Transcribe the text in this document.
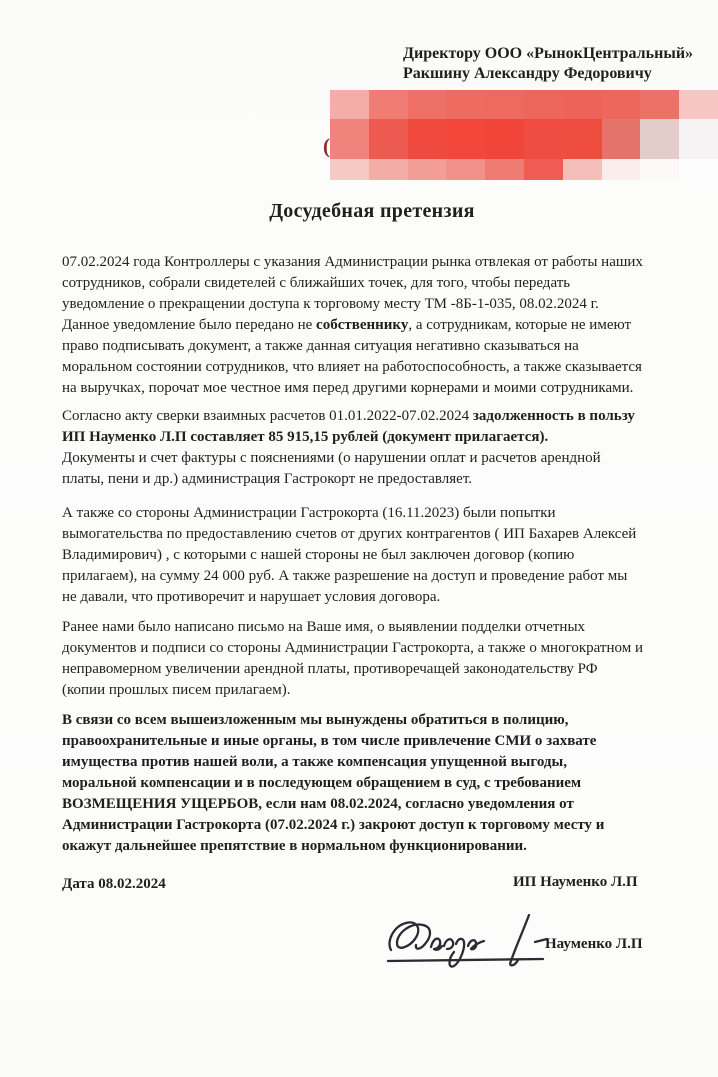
Директору ООО «РынокЦентральный»
Ракшину Александру Федоровичу
(
Досудебная претензия
07.02.2024 года Контроллеры с указания Администрации рынка отвлекая от работы наших
сотрудников, собрали свидетелей с ближайших точек, для того, чтобы передать
уведомление о прекращении доступа к торговому месту ТМ -8Б-1-035, 08.02.2024 г.
Данное уведомление было передано не собственнику, а сотрудникам, которые не имеют
право подписывать документ, а также данная ситуация негативно сказываться на
моральном состоянии сотрудников, что влияет на работоспособность, а также сказывается
на выручках, порочат мое честное имя перед другими корнерами и моими сотрудниками.
Согласно акту сверки взаимных расчетов 01.01.2022-07.02.2024 задолженность в пользу
ИП Науменко Л.П составляет 85 915,15 рублей (документ прилагается).
Документы и счет фактуры с пояснениями (о нарушении оплат и расчетов арендной
платы, пени и др.) администрация Гастрокорт не предоставляет.
А также со стороны Администрации Гастрокорта (16.11.2023) были попытки
вымогательства по предоставлению счетов от других контрагентов ( ИП Бахарев Алексей
Владимирович) , с которыми с нашей стороны не был заключен договор (копию
прилагаем), на сумму 24 000 руб. А также разрешение на доступ и проведение работ мы
не давали, что противоречит и нарушает условия договора.
Ранее нами было написано письмо на Ваше имя, о выявлении подделки отчетных
документов и подписи со стороны Администрации Гастрокорта, а также о многократном и
неправомерном увеличении арендной платы, противоречащей законодательству РФ
(копии прошлых писем прилагаем).
В связи со всем вышеизложенным мы вынуждены обратиться в полицию,
правоохранительные и иные органы, в том числе привлечение СМИ о захвате
имущества против нашей воли, а также компенсация упущенной выгоды,
моральной компенсации и в последующем обращением в суд, с требованием
ВОЗМЕЩЕНИЯ УЩЕРБОВ, если нам 08.02.2024, согласно уведомления от
Администрации Гастрокорта (07.02.2024 г.) закроют доступ к торговому месту и
окажут дальнейшее препятствие в нормальном функционировании.
Дата 08.02.2024	ИП Науменко Л.П
Науменко Л.П
